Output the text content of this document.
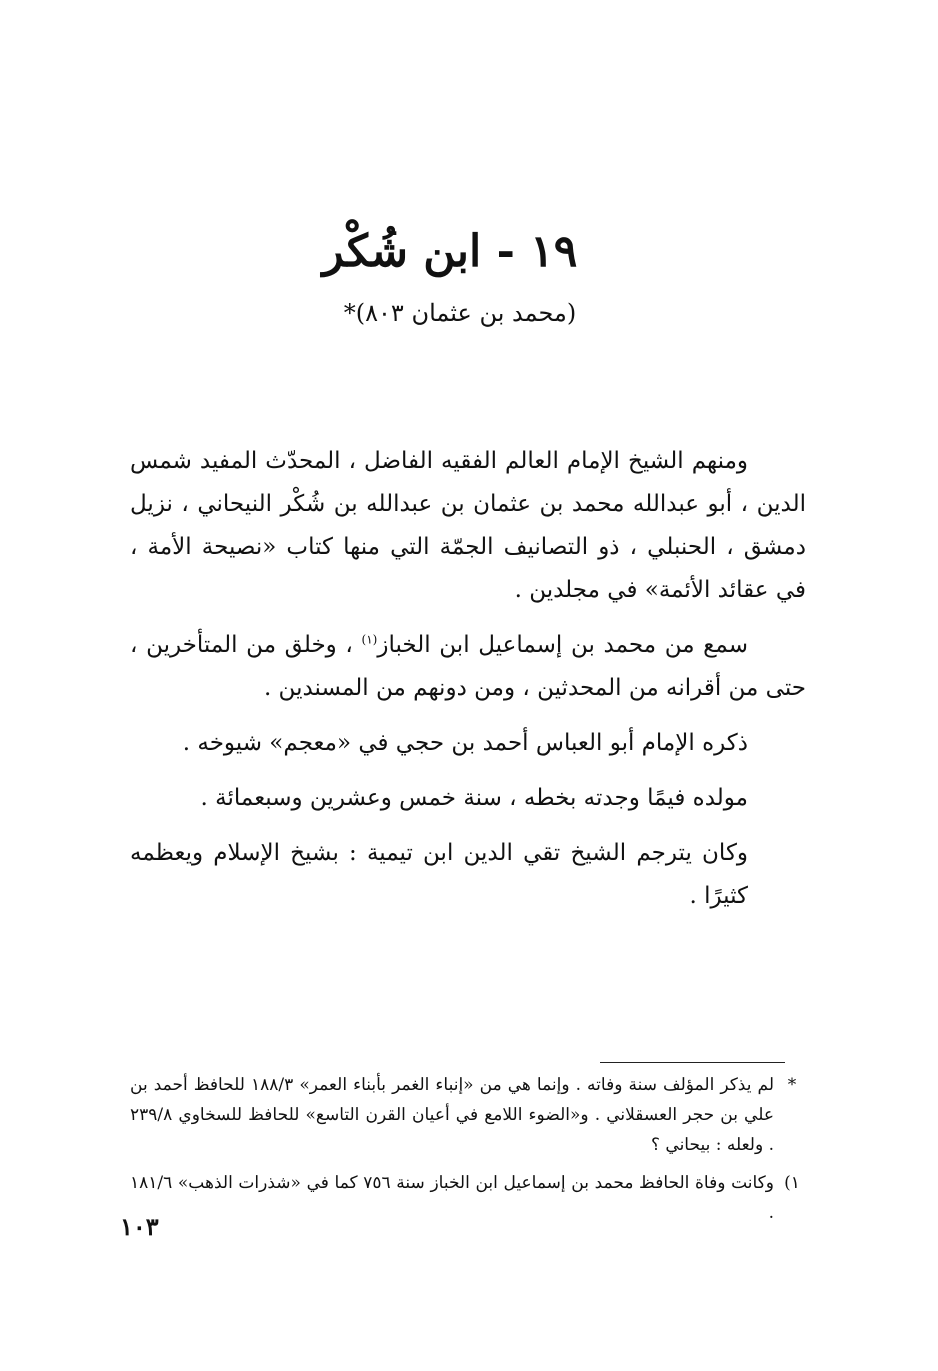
١٩ - ابن شُكْر
(محمد بن عثمان ٨٠٣)*

ومنهم الشيخ الإمام العالم الفقيه الفاضل ، المحدّث المفيد شمس الدين ، أبو عبدالله محمد بن عثمان بن عبدالله بن شُكْر النيحاني ، نزيل دمشق ، الحنبلي ، ذو التصانيف الجمّة التي منها كتاب «نصيحة الأمة ، في عقائد الأئمة» في مجلدين .

سمع من محمد بن إسماعيل ابن الخباز$^{(١)}$ ، وخلق من المتأخرين ، حتى من أقرانه من المحدثين ، ومن دونهم من المسندين .

ذكره الإمام أبو العباس أحمد بن حجي في «معجم» شيوخه .

مولده فيمًا وجدته بخطه ، سنة خمس وعشرين وسبعمائة .

وكان يترجم الشيخ تقي الدين ابن تيمية : بشيخ الإسلام ويعظمه كثيرًا .

*
لم يذكر المؤلف سنة وفاته . وإنما هي من «إنباء الغمر بأبناء العمر» ١٨٨/٣ للحافظ أحمد بن علي بن حجر العسقلاني . و«الضوء اللامع في أعيان القرن التاسع» للحافظ للسخاوي ٢٣٩/٨ . ولعله : بيحاني ؟
١)
وكانت وفاة الحافظ محمد بن إسماعيل ابن الخباز سنة ٧٥٦ كما في «شذرات الذهب» ١٨١/٦ .
١٠٣
